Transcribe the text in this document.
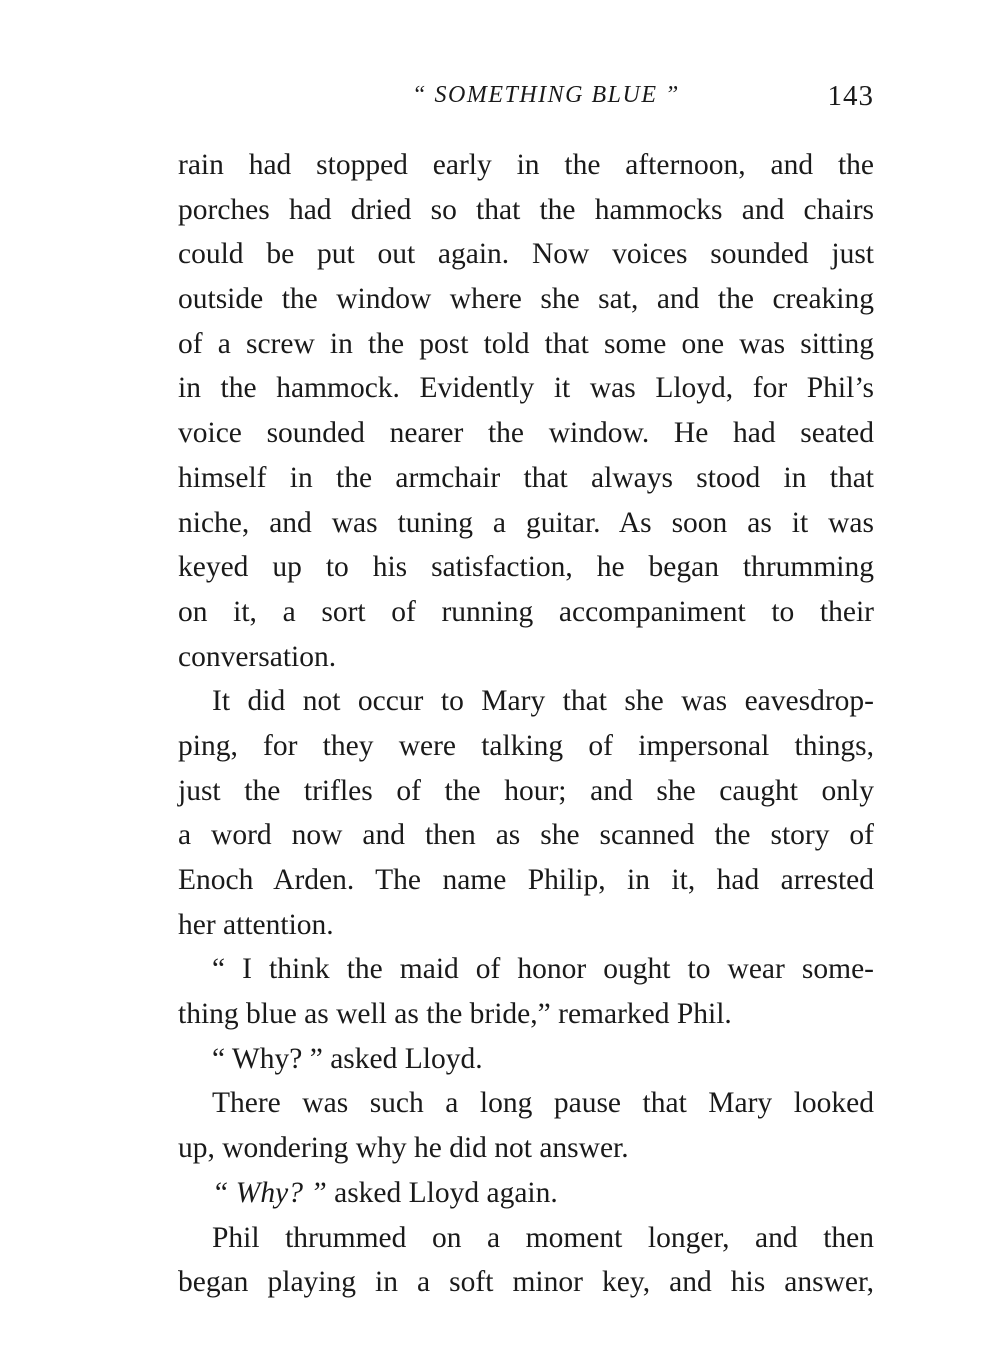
“ SOMETHING BLUE ”	143
rain had stopped early in the afternoon, and the
porches had dried so that the hammocks and chairs
could be put out again. Now voices sounded just
outside the window where she sat, and the creaking
of a screw in the post told that some one was sitting
in the hammock. Evidently it was Lloyd, for Phil’s
voice sounded nearer the window. He had seated
himself in the armchair that always stood in that
niche, and was tuning a guitar. As soon as it was
keyed up to his satisfaction, he began thrumming
on it, a sort of running accompaniment to their
conversation.
It did not occur to Mary that she was eavesdrop-
ping, for they were talking of impersonal things,
just the trifles of the hour; and she caught only
a word now and then as she scanned the story of
Enoch Arden. The name Philip, in it, had arrested
her attention.
“ I think the maid of honor ought to wear some-
thing blue as well as the bride,” remarked Phil.
“ Why? ” asked Lloyd.
There was such a long pause that Mary looked
up, wondering why he did not answer.
“ Why? ” asked Lloyd again.
Phil thrummed on a moment longer, and then
began playing in a soft minor key, and his answer,
